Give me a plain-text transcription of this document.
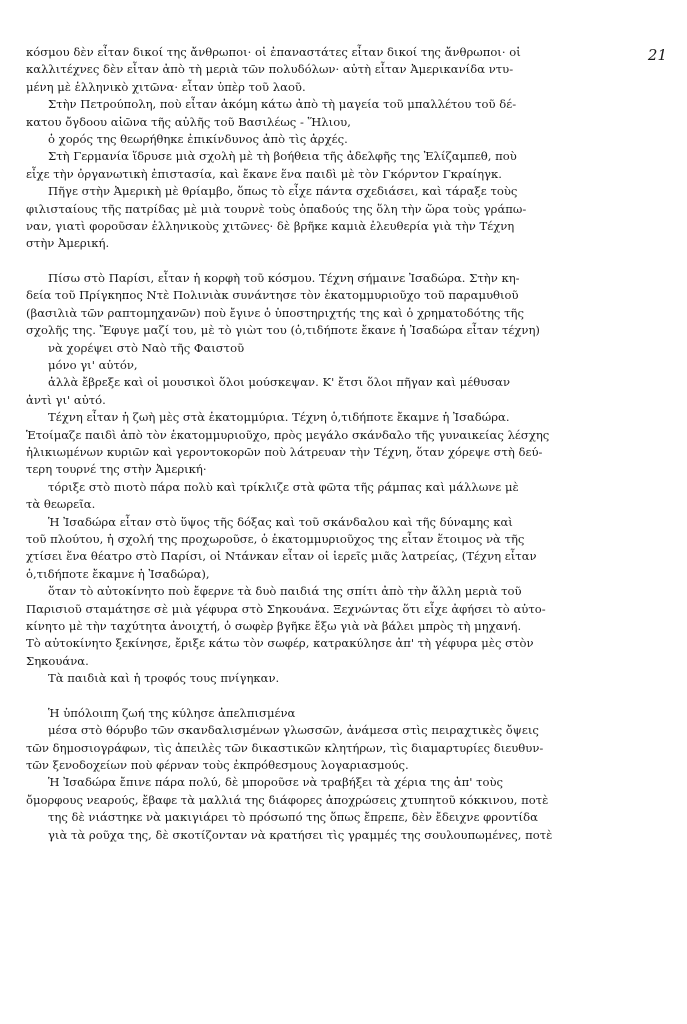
21
κόσμου δὲν εἶταν δικοί της ἄνθρωποι· οἱ ἐπαναστάτες εἶταν δικοί της ἄνθρωποι· οἱ
καλλιτέχνες δὲν εἶταν ἀπὸ τὴ μεριὰ τῶν πολυδόλων· αὐτὴ εἶταν Ἀμερικανίδα ντυ-
μένη μὲ ἑλληνικὸ χιτῶνα· εἶταν ὑπὲρ τοῦ λαοῦ.
Στὴν Πετρούπολη, ποὺ εἶταν ἀκόμη κάτω ἀπὸ τὴ μαγεία τοῦ μπαλλέτου τοῦ δέ-
κατου ὄγδοου αἰῶνα τῆς αὐλῆς τοῦ Βασιλέως - Ἥλιου,
ὁ χορός της θεωρήθηκε ἐπικίνδυνος ἀπὸ τὶς ἀρχές.
Στὴ Γερμανία ἵδρυσε μιὰ σχολὴ μὲ τὴ βοήθεια τῆς ἀδελφῆς της Ἐλίζαμπεθ, ποὺ
εἶχε τὴν ὀργανωτικὴ ἐπιστασία, καὶ ἔκανε ἕνα παιδὶ μὲ τὸν Γκόρντον Γκραίηγκ.
Πῆγε στὴν Ἀμερικὴ μὲ θρίαμβο, ὅπως τὸ εἶχε πάντα σχεδιάσει, καὶ τάραξε τοὺς
φιλισταίους τῆς πατρίδας μὲ μιὰ τουρνὲ τοὺς ὀπαδούς της ὅλη τὴν ὥρα τοὺς γράπω-
ναν, γιατὶ φοροῦσαν ἑλληνικοὺς χιτῶνες· δὲ βρῆκε καμιὰ ἐλευθερία γιὰ τὴν Τέχνη
στὴν Ἀμερική.
Πίσω στὸ Παρίσι, εἶταν ἡ κορφὴ τοῦ κόσμου. Τέχνη σήμαινε Ἰσαδώρα. Στὴν κη-
δεία τοῦ Πρίγκηπος Ντὲ Πολινιὰκ συνάντησε τὸν ἑκατομμυριοῦχο τοῦ παραμυθιοῦ
(βασιλιὰ τῶν ραπτομηχανῶν) ποὺ ἔγινε ὁ ὑποστηριχτής της καὶ ὁ χρηματοδότης τῆς
σχολῆς της. Ἔφυγε μαζί του, μὲ τὸ γιὼτ του (ὁ,τιδήποτε ἔκανε ἡ Ἰσαδώρα εἶταν τέχνη)
νὰ χορέψει στὸ Ναὸ τῆς Φαιστοῦ
μόνο γι' αὐτόν,
ἀλλὰ ἔβρεξε καὶ οἱ μουσικοὶ ὅλοι μούσκεψαν. Κ' ἔτσι ὅλοι πῆγαν καὶ μέθυσαν
ἀντὶ γι' αὐτό.
Τέχνη εἶταν ἡ ζωὴ μὲς στὰ ἑκατομμύρια. Τέχνη ὁ,τιδήποτε ἔκαμνε ἡ Ἰσαδώρα.
Ἑτοίμαζε παιδὶ ἀπὸ τὸν ἑκατομμυριοῦχο, πρὸς μεγάλο σκάνδαλο τῆς γυναικείας λέσχης
ἡλικιωμένων κυριῶν καὶ γεροντοκορῶν ποὺ λάτρευαν τὴν Τέχνη, ὅταν χόρεψε στὴ δεύ-
τερη τουρνέ της στὴν Ἀμερική·
τόριξε στὸ πιοτὸ πάρα πολὺ καὶ τρίκλιζε στὰ φῶτα τῆς ράμπας καὶ μάλλωνε μὲ
τὰ θεωρεῖα.
Ἡ Ἰσαδώρα εἶταν στὸ ὕψος τῆς δόξας καὶ τοῦ σκάνδαλου καὶ τῆς δύναμης καὶ
τοῦ πλούτου, ἡ σχολή της προχωροῦσε, ὁ ἑκατομμυριοῦχος της εἶταν ἕτοιμος νὰ τῆς
χτίσει ἕνα θέατρο στὸ Παρίσι, οἱ Ντάνκαν εἶταν οἱ ἱερεῖς μιᾶς λατρείας, (Τέχνη εἶταν
ὁ,τιδήποτε ἔκαμνε ἡ Ἰσαδώρα),
ὅταν τὸ αὐτοκίνητο ποὺ ἔφερνε τὰ δυὸ παιδιά της σπίτι ἀπὸ τὴν ἄλλη μεριὰ τοῦ
Παρισιοῦ σταμάτησε σὲ μιὰ γέφυρα στὸ Σηκουάνα. Ξεχνώντας ὅτι εἶχε ἀφήσει τὸ αὐτο-
κίνητο μὲ τὴν ταχύτητα ἀνοιχτή, ὁ σωφὲρ βγῆκε ἔξω γιὰ νὰ βάλει μπρὸς τὴ μηχανή.
Τὸ αὐτοκίνητο ξεκίνησε, ἔριξε κάτω τὸν σωφέρ, κατρακύλησε ἀπ' τὴ γέφυρα μὲς στὸν
Σηκουάνα.
Τὰ παιδιὰ καὶ ἡ τροφός τους πνίγηκαν.
Ἡ ὑπόλοιπη ζωή της κύλησε ἀπελπισμένα
μέσα στὸ θόρυβο τῶν σκανδαλισμένων γλωσσῶν, ἀνάμεσα στὶς πειραχτικὲς ὄψεις
τῶν δημοσιογράφων, τὶς ἀπειλὲς τῶν δικαστικῶν κλητήρων, τὶς διαμαρτυρίες διευθυν-
τῶν ξενοδοχείων ποὺ φέρναν τοὺς ἐκπρόθεσμους λογαριασμούς.
Ἡ Ἰσαδώρα ἔπινε πάρα πολύ, δὲ μποροῦσε νὰ τραβήξει τὰ χέρια της ἀπ' τοὺς
ὄμορφους νεαρούς, ἔβαφε τὰ μαλλιά της διάφορες ἀποχρώσεις χτυπητοῦ κόκκινου, ποτὲ
της δὲ νιάστηκε νὰ μακιγιάρει τὸ πρόσωπό της ὅπως ἔπρεπε, δὲν ἔδειχνε φροντίδα
γιὰ τὰ ροῦχα της, δὲ σκοτίζονταν νὰ κρατήσει τὶς γραμμές της σουλουπωμένες, ποτὲ
